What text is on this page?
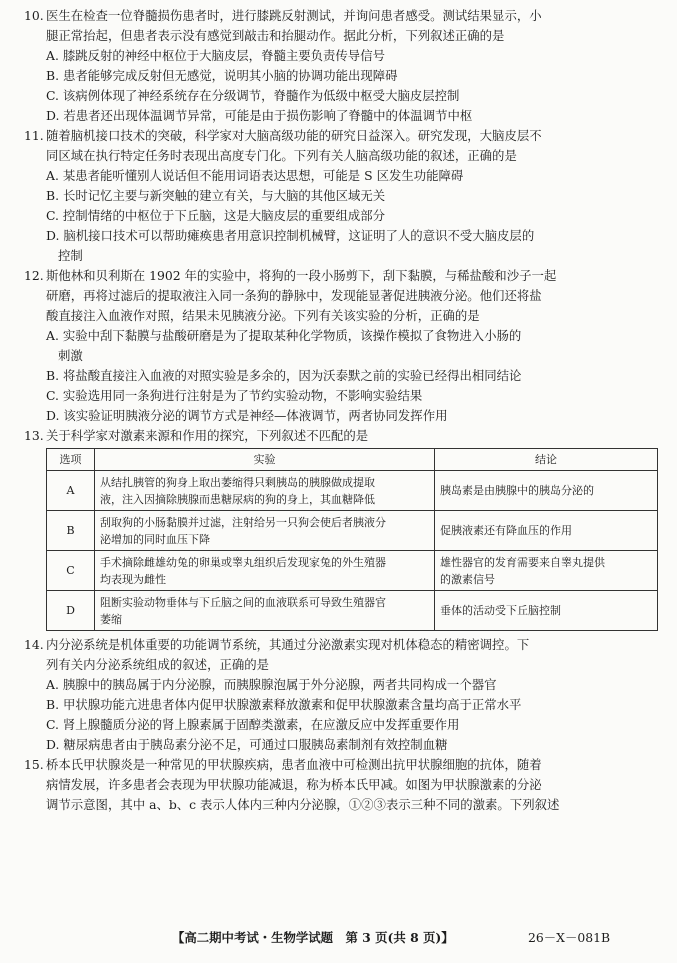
10. 医生在检查一位脊髓损伤患者时，进行膝跳反射测试，并询问患者感受。测试结果显示，小
腿正常抬起，但患者表示没有感觉到敲击和抬腿动作。据此分析，下列叙述正确的是
A. 膝跳反射的神经中枢位于大脑皮层，脊髓主要负责传导信号
B. 患者能够完成反射但无感觉，说明其小脑的协调功能出现障碍
C. 该病例体现了神经系统存在分级调节，脊髓作为低级中枢受大脑皮层控制
D. 若患者还出现体温调节异常，可能是由于损伤影响了脊髓中的体温调节中枢
11. 随着脑机接口技术的突破，科学家对大脑高级功能的研究日益深入。研究发现，大脑皮层不
同区域在执行特定任务时表现出高度专门化。下列有关人脑高级功能的叙述，正确的是
A. 某患者能听懂别人说话但不能用词语表达思想，可能是 S 区发生功能障碍
B. 长时记忆主要与新突触的建立有关，与大脑的其他区域无关
C. 控制情绪的中枢位于下丘脑，这是大脑皮层的重要组成部分
D. 脑机接口技术可以帮助瘫痪患者用意识控制机械臂，这证明了人的意识不受大脑皮层的
控制
12. 斯他林和贝利斯在 1902 年的实验中，将狗的一段小肠剪下，刮下黏膜，与稀盐酸和沙子一起
研磨，再将过滤后的提取液注入同一条狗的静脉中，发现能显著促进胰液分泌。他们还将盐
酸直接注入血液作对照，结果未见胰液分泌。下列有关该实验的分析，正确的是
A. 实验中刮下黏膜与盐酸研磨是为了提取某种化学物质，该操作模拟了食物进入小肠的
刺激
B. 将盐酸直接注入血液的对照实验是多余的，因为沃泰默之前的实验已经得出相同结论
C. 实验选用同一条狗进行注射是为了节约实验动物，不影响实验结果
D. 该实验证明胰液分泌的调节方式是神经—体液调节，两者协同发挥作用
13. 关于科学家对激素来源和作用的探究，下列叙述不匹配的是
选项	实验	结论
A	从结扎胰管的狗身上取出萎缩得只剩胰岛的胰腺做成提取
液，注入因摘除胰腺而患糖尿病的狗的身上，其血糖降低	胰岛素是由胰腺中的胰岛分泌的
B	刮取狗的小肠黏膜并过滤，注射给另一只狗会使后者胰液分
泌增加的同时血压下降	促胰液素还有降血压的作用
C	手术摘除雌雄幼兔的卵巢或睾丸组织后发现家兔的外生殖器
均表现为雌性	雄性器官的发育需要来自睾丸提供
的激素信号
D	阻断实验动物垂体与下丘脑之间的血液联系可导致生殖器官
萎缩	垂体的活动受下丘脑控制
14. 内分泌系统是机体重要的功能调节系统，其通过分泌激素实现对机体稳态的精密调控。下
列有关内分泌系统组成的叙述，正确的是
A. 胰腺中的胰岛属于内分泌腺，而胰腺腺泡属于外分泌腺，两者共同构成一个器官
B. 甲状腺功能亢进患者体内促甲状腺激素释放激素和促甲状腺激素含量均高于正常水平
C. 肾上腺髓质分泌的肾上腺素属于固醇类激素，在应激反应中发挥重要作用
D. 糖尿病患者由于胰岛素分泌不足，可通过口服胰岛素制剂有效控制血糖
15. 桥本氏甲状腺炎是一种常见的甲状腺疾病，患者血液中可检测出抗甲状腺细胞的抗体，随着
病情发展，许多患者会表现为甲状腺功能减退，称为桥本氏甲减。如图为甲状腺激素的分泌
调节示意图，其中 a、b、c 表示人体内三种内分泌腺，①②③表示三种不同的激素。下列叙述
【高二期中考试・生物学试题　第 3 页(共 8 页)】	26－X－081B
